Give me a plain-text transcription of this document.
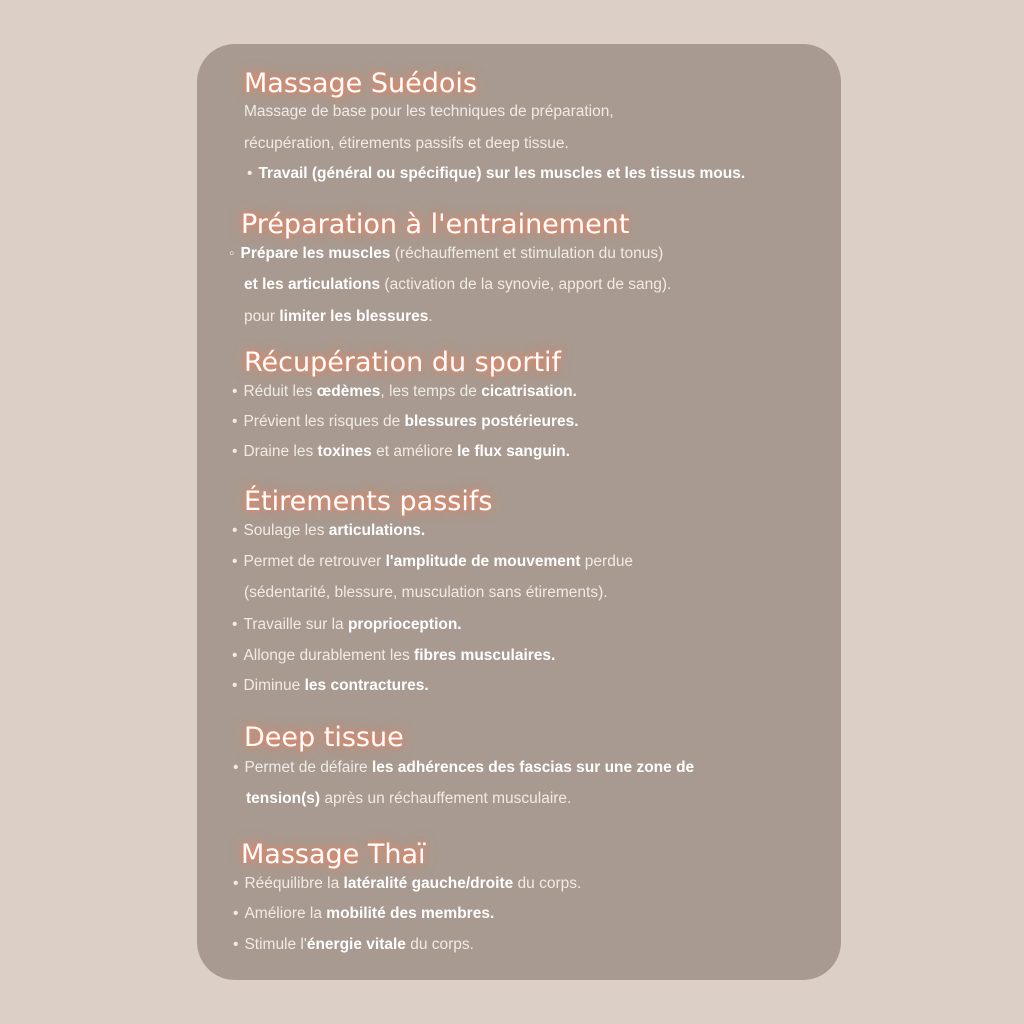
Massage Suédois

Massage de base pour les techniques de préparation,

récupération, étirements passifs et deep tissue.

• Travail (général ou spécifique) sur les muscles et les tissus mous.

Préparation à l'entrainement

◦ Prépare les muscles (réchauffement et stimulation du tonus)

et les articulations (activation de la synovie, apport de sang).

pour limiter les blessures.

Récupération du sportif

• Réduit les œdèmes, les temps de cicatrisation.

• Prévient les risques de blessures postérieures.

• Draine les toxines et améliore le flux sanguin.

Étirements passifs

• Soulage les articulations.

• Permet de retrouver l'amplitude de mouvement perdue

(sédentarité, blessure, musculation sans étirements).

• Travaille sur la proprioception.

• Allonge durablement les fibres musculaires.

• Diminue les contractures.

Deep tissue

• Permet de défaire les adhérences des fascias sur une zone de

tension(s) après un réchauffement musculaire.

Massage Thaï

• Rééquilibre la latéralité gauche/droite du corps.

• Améliore la mobilité des membres.

• Stimule l'énergie vitale du corps.
